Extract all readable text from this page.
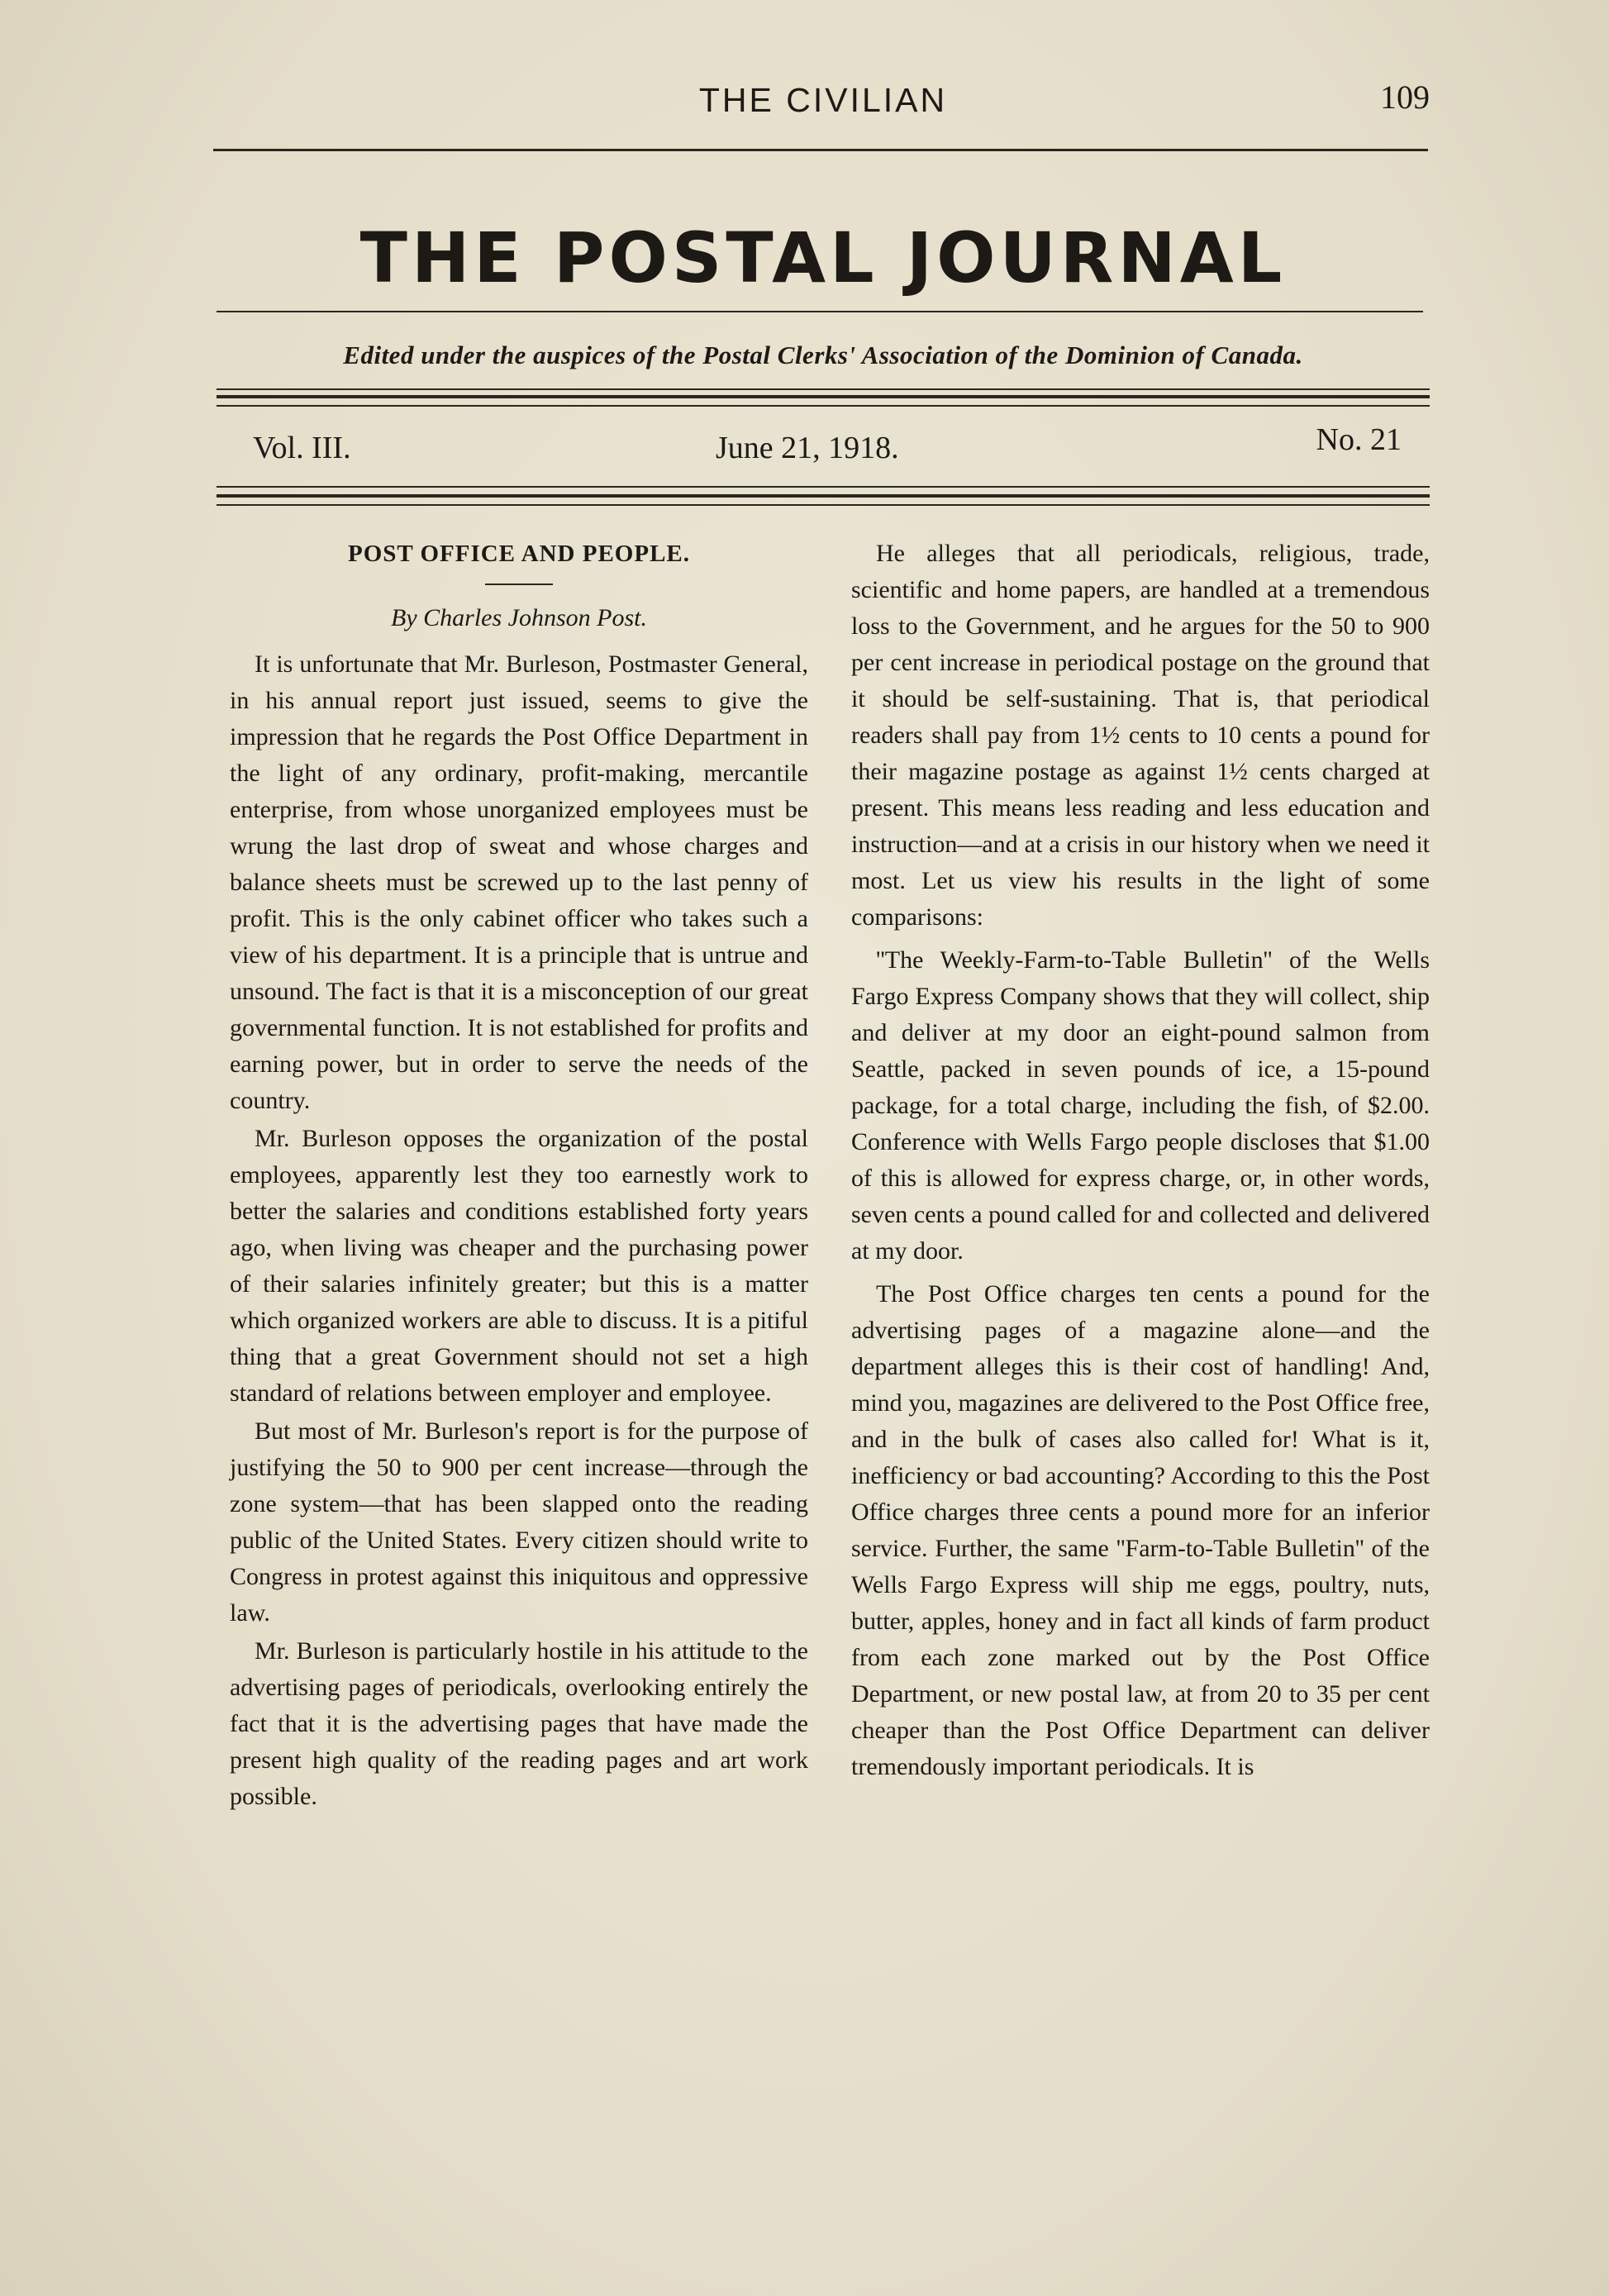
THE CIVILIAN	109
THE POSTAL JOURNAL
Edited under the auspices of the Postal Clerks' Association of the Dominion of Canada.
Vol. III.	June 21, 1918.	No. 21
POST OFFICE AND PEOPLE.
By Charles Johnson Post.

It is unfortunate that Mr. Burleson, Postmaster General, in his annual report just issued, seems to give the impression that he regards the Post Office Department in the light of any ordinary, profit-making, mercantile enterprise, from whose unorganized employees must be wrung the last drop of sweat and whose charges and balance sheets must be screwed up to the last penny of profit. This is the only cabinet officer who takes such a view of his department. It is a principle that is untrue and unsound. The fact is that it is a misconception of our great governmental function. It is not established for profits and earning power, but in order to serve the needs of the country.

Mr. Burleson opposes the organization of the postal employees, apparently lest they too earnestly work to better the salaries and conditions established forty years ago, when living was cheaper and the purchasing power of their salaries infinitely greater; but this is a matter which organized workers are able to discuss. It is a pitiful thing that a great Government should not set a high standard of relations between employer and employee.

But most of Mr. Burleson's report is for the purpose of justifying the 50 to 900 per cent increase—through the zone system—that has been slapped onto the reading public of the United States. Every citizen should write to Congress in protest against this iniquitous and oppressive law.

Mr. Burleson is particularly hostile in his attitude to the advertising pages of periodicals, overlooking entirely the fact that it is the advertising pages that have made the present high quality of the reading pages and art work possible.

He alleges that all periodicals, religious, trade, scientific and home papers, are handled at a tremendous loss to the Government, and he argues for the 50 to 900 per cent increase in periodical postage on the ground that it should be self-sustaining. That is, that periodical readers shall pay from 1½ cents to 10 cents a pound for their magazine postage as against 1½ cents charged at present. This means less reading and less education and instruction—and at a crisis in our history when we need it most. Let us view his results in the light of some comparisons:

''The Weekly-Farm-to-Table Bulletin'' of the Wells Fargo Express Company shows that they will collect, ship and deliver at my door an eight-pound salmon from Seattle, packed in seven pounds of ice, a 15-pound package, for a total charge, including the fish, of $2.00. Conference with Wells Fargo people discloses that $1.00 of this is allowed for express charge, or, in other words, seven cents a pound called for and collected and delivered at my door.

The Post Office charges ten cents a pound for the advertising pages of a magazine alone—and the department alleges this is their cost of handling! And, mind you, magazines are delivered to the Post Office free, and in the bulk of cases also called for! What is it, inefficiency or bad accounting? According to this the Post Office charges three cents a pound more for an inferior service. Further, the same ''Farm-to-Table Bulletin'' of the Wells Fargo Express will ship me eggs, poultry, nuts, butter, apples, honey and in fact all kinds of farm product from each zone marked out by the Post Office Department, or new postal law, at from 20 to 35 per cent cheaper than the Post Office Department can deliver tremendously important periodicals. It is
